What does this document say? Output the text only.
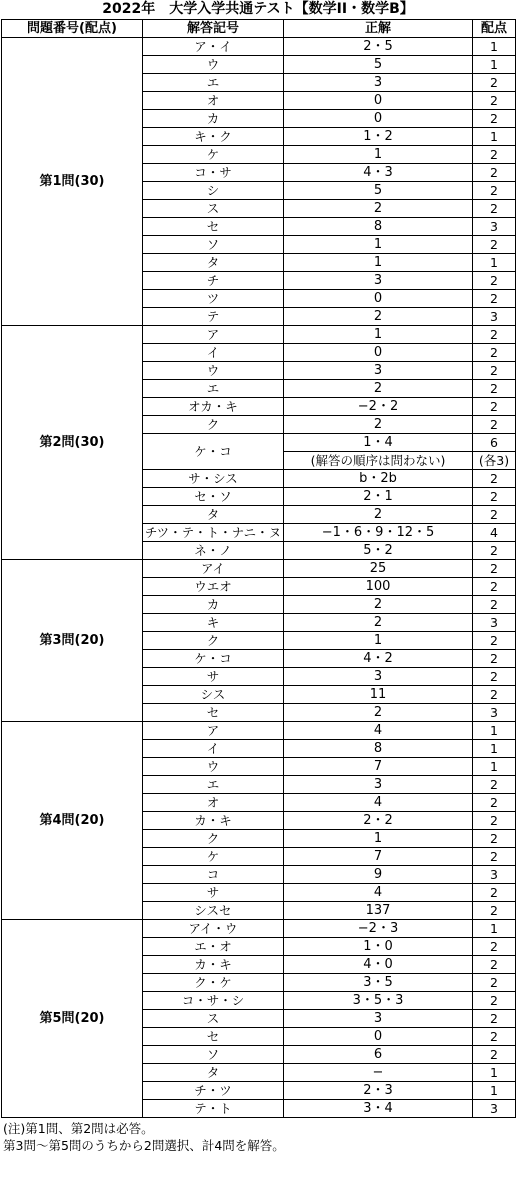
2022年　大学入学共通テスト【数学II・数学B】
問題番号(配点)	解答記号	正解	配点
第1問(30)	ア・イ	2・5	1
	ウ	5	1
	エ	3	2
	オ	0	2
	カ	0	2
	キ・ク	1・2	1
	ケ	1	2
	コ・サ	4・3	2
	シ	5	2
	ス	2	2
	セ	8	3
	ソ	1	2
	タ	1	1
	チ	3	2
	ツ	0	2
	テ	2	3
第2問(30)	ア	1	2
	イ	0	2
	ウ	3	2
	エ	2	2
	オカ・キ	−2・2	2
	ク	2	2
	ケ・コ	1・4	6
		(解答の順序は問わない)	(各3)
	サ・シス	b・2b	2
	セ・ソ	2・1	2
	タ	2	2
	チツ・テ・ト・ナニ・ヌ	−1・6・9・12・5	4
	ネ・ノ	5・2	2
第3問(20)	アイ	25	2
	ウエオ	100	2
	カ	2	2
	キ	2	3
	ク	1	2
	ケ・コ	4・2	2
	サ	3	2
	シス	11	2
	セ	2	3
第4問(20)	ア	4	1
	イ	8	1
	ウ	7	1
	エ	3	2
	オ	4	2
	カ・キ	2・2	2
	ク	1	2
	ケ	7	2
	コ	9	3
	サ	4	2
	シスセ	137	2
第5問(20)	アイ・ウ	−2・3	1
	エ・オ	1・0	2
	カ・キ	4・0	2
	ク・ケ	3・5	2
	コ・サ・シ	3・5・3	2
	ス	3	2
	セ	0	2
	ソ	6	2
	タ	−	1
	チ・ツ	2・3	1
	テ・ト	3・4	3
(注)第1問、第2問は必答。
第3問～第5問のうちから2問選択、計4問を解答。
